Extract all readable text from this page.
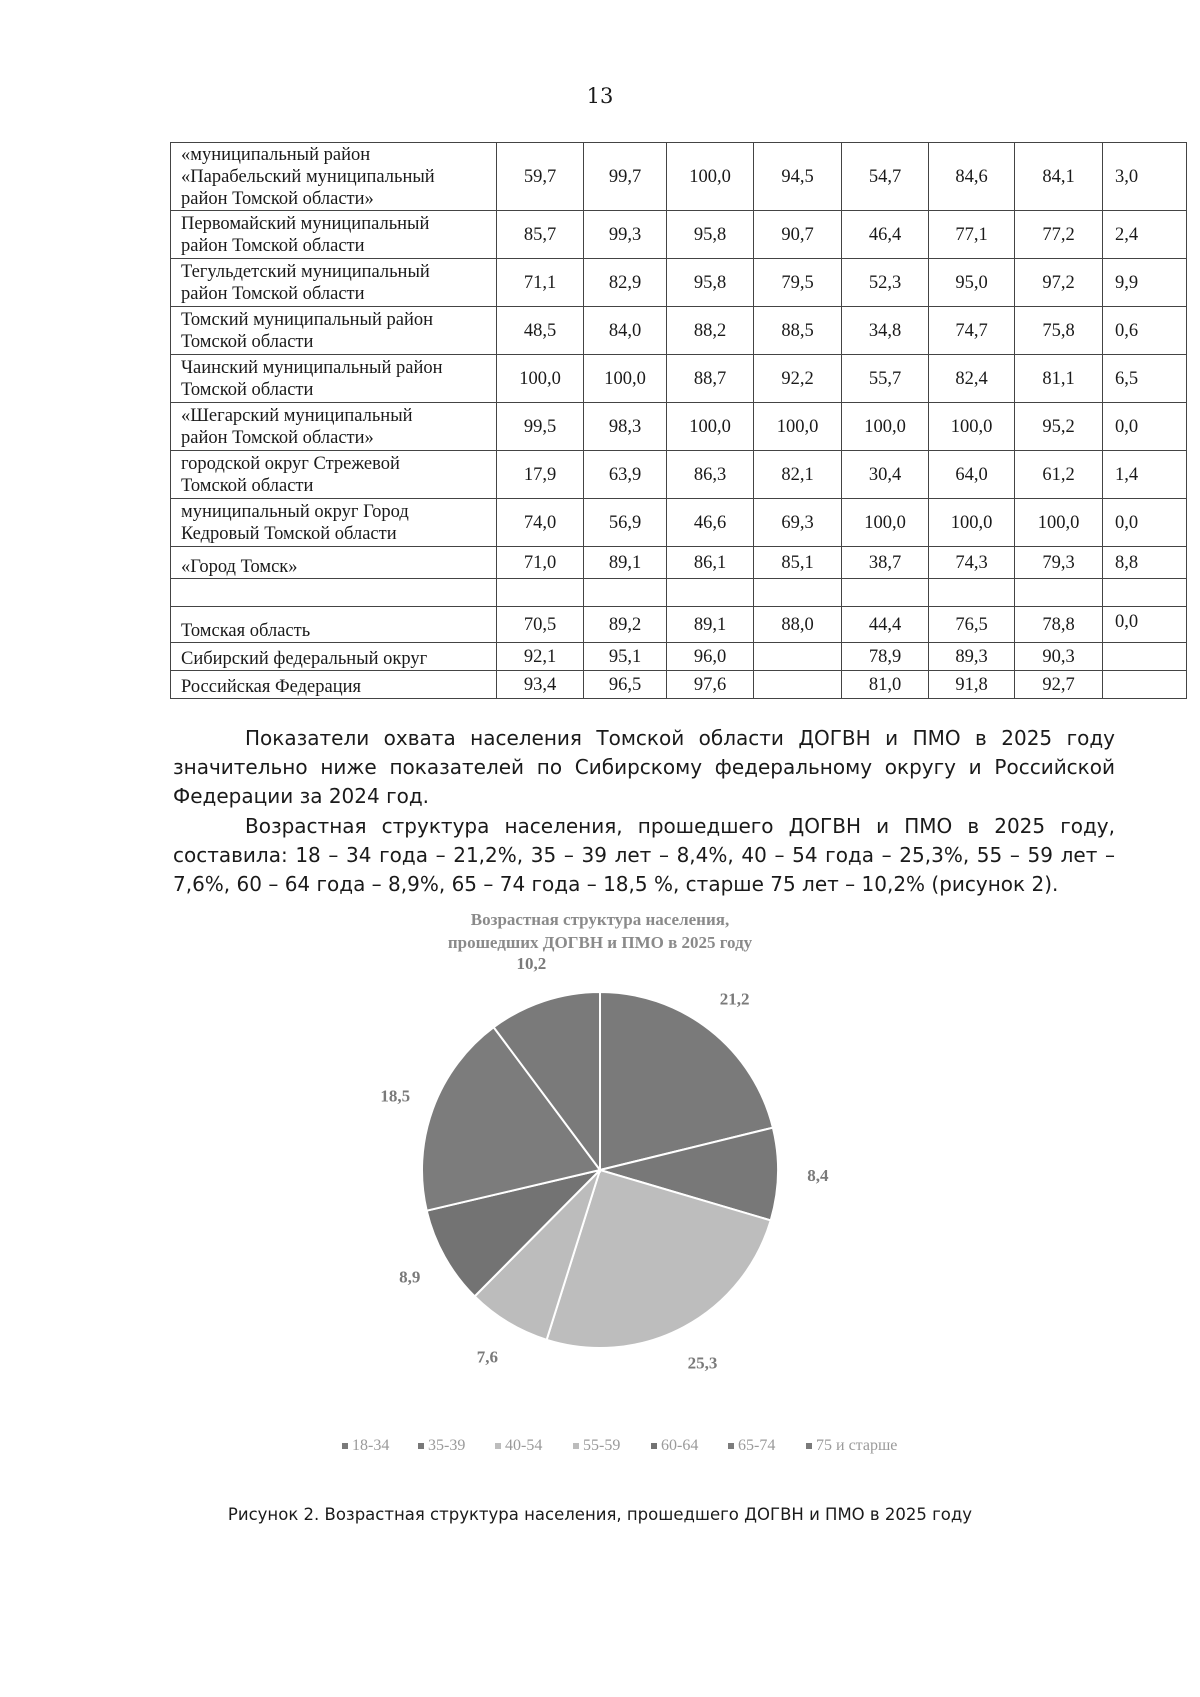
13
«муниципальный район
«Парабельский муниципальный
район Томской области»	59,7	99,7	100,0	94,5	54,7	84,6	84,1	3,0

Первомайский муниципальный
район Томской области	85,7	99,3	95,8	90,7	46,4	77,1	77,2	2,4

Тегульдетский муниципальный
район Томской области	71,1	82,9	95,8	79,5	52,3	95,0	97,2	9,9

Томский муниципальный район
Томской области	48,5	84,0	88,2	88,5	34,8	74,7	75,8	0,6

Чаинский муниципальный район
Томской области	100,0	100,0	88,7	92,2	55,7	82,4	81,1	6,5

«Шегарский муниципальный
район Томской области»	99,5	98,3	100,0	100,0	100,0	100,0	95,2	0,0

городской округ Стрежевой
Томской области	17,9	63,9	86,3	82,1	30,4	64,0	61,2	1,4

муниципальный округ Город
Кедровый Томской области	74,0	56,9	46,6	69,3	100,0	100,0	100,0	0,0

«Город Томск»	71,0	89,1	86,1	85,1	38,7	74,3	79,3	8,8

Томская область	70,5	89,2	89,1	88,0	44,4	76,5	78,8	0,0

Сибирский федеральный округ	92,1	95,1	96,0		78,9	89,3	90,3	

Российская Федерация	93,4	96,5	97,6		81,0	91,8	92,7	

Показатели охвата населения Томской области ДОГВН и ПМО в 2025 году значительно ниже показателей по Сибирскому федеральному округу и Российской Федерации за 2024 год.

Возрастная структура населения, прошедшего ДОГВН и ПМО в 2025 году, составила: 18 – 34 года – 21,2%, 35 – 39 лет – 8,4%, 40 – 54 года – 25,3%, 55 – 59 лет – 7,6%, 60 – 64 года – 8,9%, 65 – 74 года – 18,5 %, старше 75 лет – 10,2% (рисунок 2).

Возрастная структура населения,
прошедших ДОГВН и ПМО в 2025 году
21,2
8,4
25,3
7,6
8,9
18,5
10,2
18-34 35-39 40-54	55-59	60-64 65-74	75 и старше
Рисунок 2. Возрастная структура населения, прошедшего ДОГВН и ПМО в 2025 году
